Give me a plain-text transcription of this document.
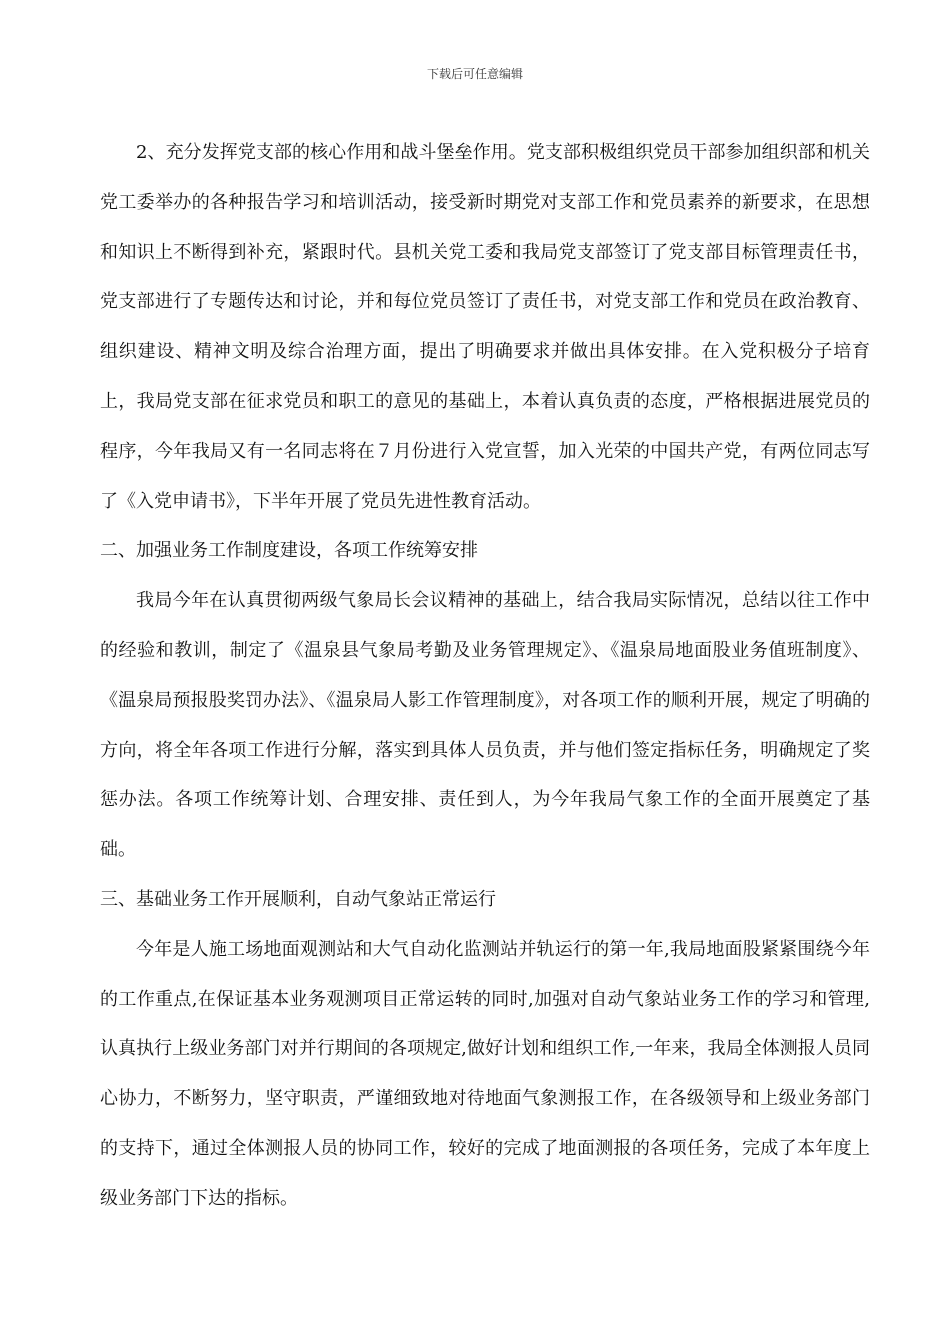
下载后可任意编辑

2、充分发挥党支部的核心作用和战斗堡垒作用。党支部积极组织党员干部参加组织部和机关党工委举办的各种报告学习和培训活动，接受新时期党对支部工作和党员素养的新要求，在思想和知识上不断得到补充，紧跟时代。县机关党工委和我局党支部签订了党支部目标管理责任书，党支部进行了专题传达和讨论，并和每位党员签订了责任书，对党支部工作和党员在政治教育、组织建设、精神文明及综合治理方面，提出了明确要求并做出具体安排。在入党积极分子培育上，我局党支部在征求党员和职工的意见的基础上，本着认真负责的态度，严格根据进展党员的程序，今年我局又有一名同志将在７月份进行入党宣誓，加入光荣的中国共产党，有两位同志写了《入党申请书》，下半年开展了党员先进性教育活动。

二、加强业务工作制度建设，各项工作统筹安排

我局今年在认真贯彻两级气象局长会议精神的基础上，结合我局实际情况，总结以往工作中的经验和教训，制定了《温泉县气象局考勤及业务管理规定》、《温泉局地面股业务值班制度》、《温泉局预报股奖罚办法》、《温泉局人影工作管理制度》，对各项工作的顺利开展，规定了明确的方向，将全年各项工作进行分解，落实到具体人员负责，并与他们签定指标任务，明确规定了奖惩办法。各项工作统筹计划、合理安排、责任到人，为今年我局气象工作的全面开展奠定了基础。

三、基础业务工作开展顺利，自动气象站正常运行

今年是人施工场地面观测站和大气自动化监测站并轨运行的第一年,我局地面股紧紧围绕今年的工作重点,在保证基本业务观测项目正常运转的同时,加强对自动气象站业务工作的学习和管理,认真执行上级业务部门对并行期间的各项规定,做好计划和组织工作,一年来，我局全体测报人员同心协力，不断努力，坚守职责，严谨细致地对待地面气象测报工作，在各级领导和上级业务部门的支持下，通过全体测报人员的协同工作，较好的完成了地面测报的各项任务，完成了本年度上级业务部门下达的指标。
